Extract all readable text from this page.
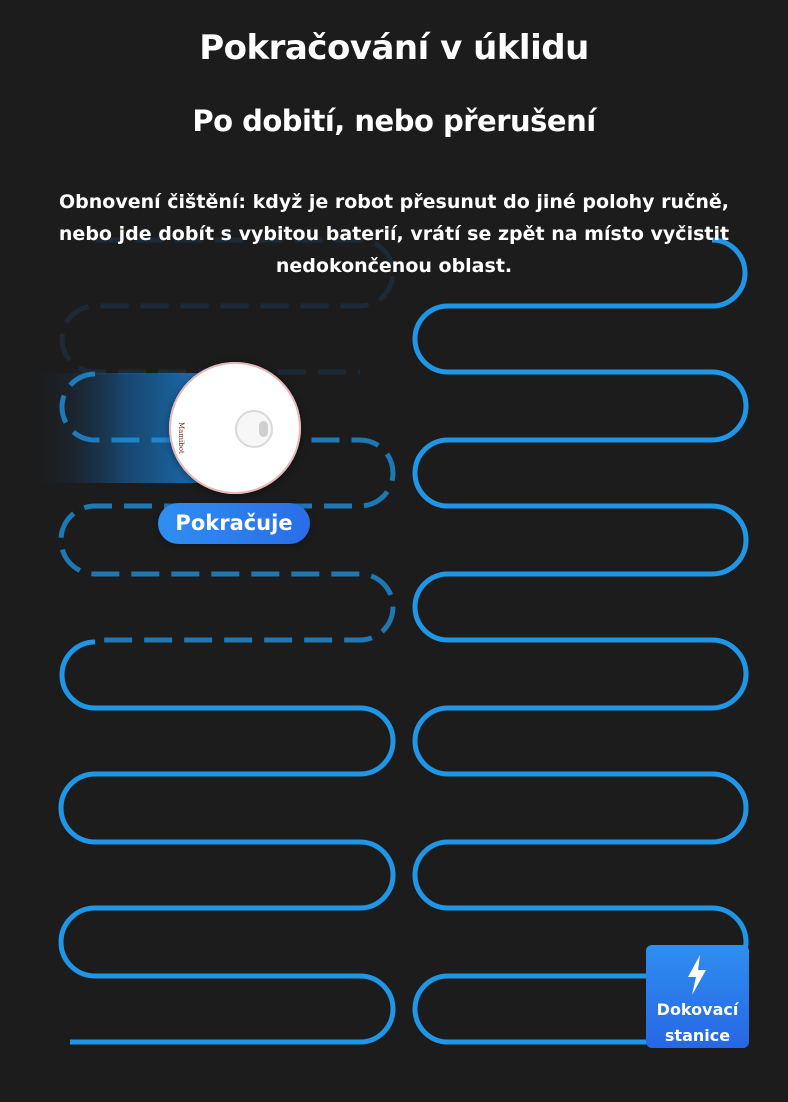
Pokračování v úklidu
Po dobití, nebo přerušení
Obnovení čištění: když je robot přesunut do jiné polohy ručně, nebo jde dobít s vybitou baterií, vrátí se zpět na místo vyčistit nedokončenou oblast.
Mamibot
Pokračuje
Dokovací stanice
